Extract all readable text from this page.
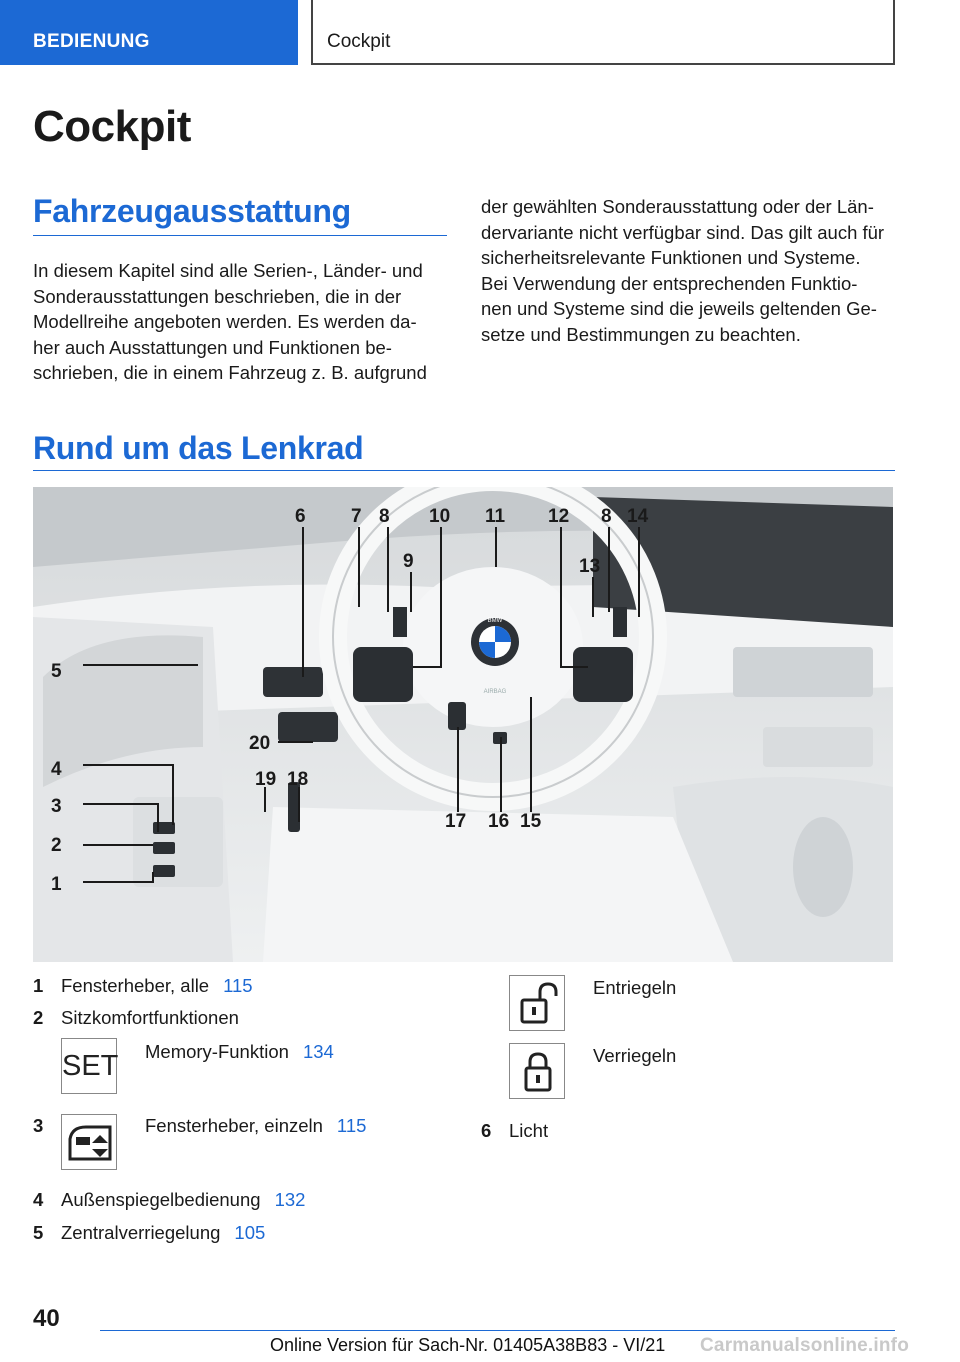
BEDIENUNG	Cockpit
Cockpit
Fahrzeugausstattung
In diesem Kapitel sind alle Serien-, Länder- und
Sonderausstattungen beschrieben, die in der
Modellreihe angeboten werden. Es werden da-
her auch Ausstattungen und Funktionen be-
schrieben, die in einem Fahrzeug z. B. aufgrund
der gewählten Sonderausstattung oder der Län-
dervariante nicht verfügbar sind. Das gilt auch für
sicherheitsrelevante Funktionen und Systeme.
Bei Verwendung der entsprechenden Funktio-
nen und Systeme sind die jeweils geltenden Ge-
setze und Bestimmungen zu beachten.
Rund um das Lenkrad
BMW
AIRBAG
5
6 7 8
9
10 11 12 8
13
14
15
16
17
18
19
20
4
3
2
1
1 Fensterheber, alle 115
2 Sitzkomfortfunktionen
SET Memory-Funktion 134
3	Fensterheber, einzeln 115
4 Außenspiegelbedienung 132
5 Zentralverriegelung 105
Entriegeln
Verriegeln
6 Licht
40
Online Version für Sach-Nr. 01405A38B83 - VI/21 Carmanualsonline.info
